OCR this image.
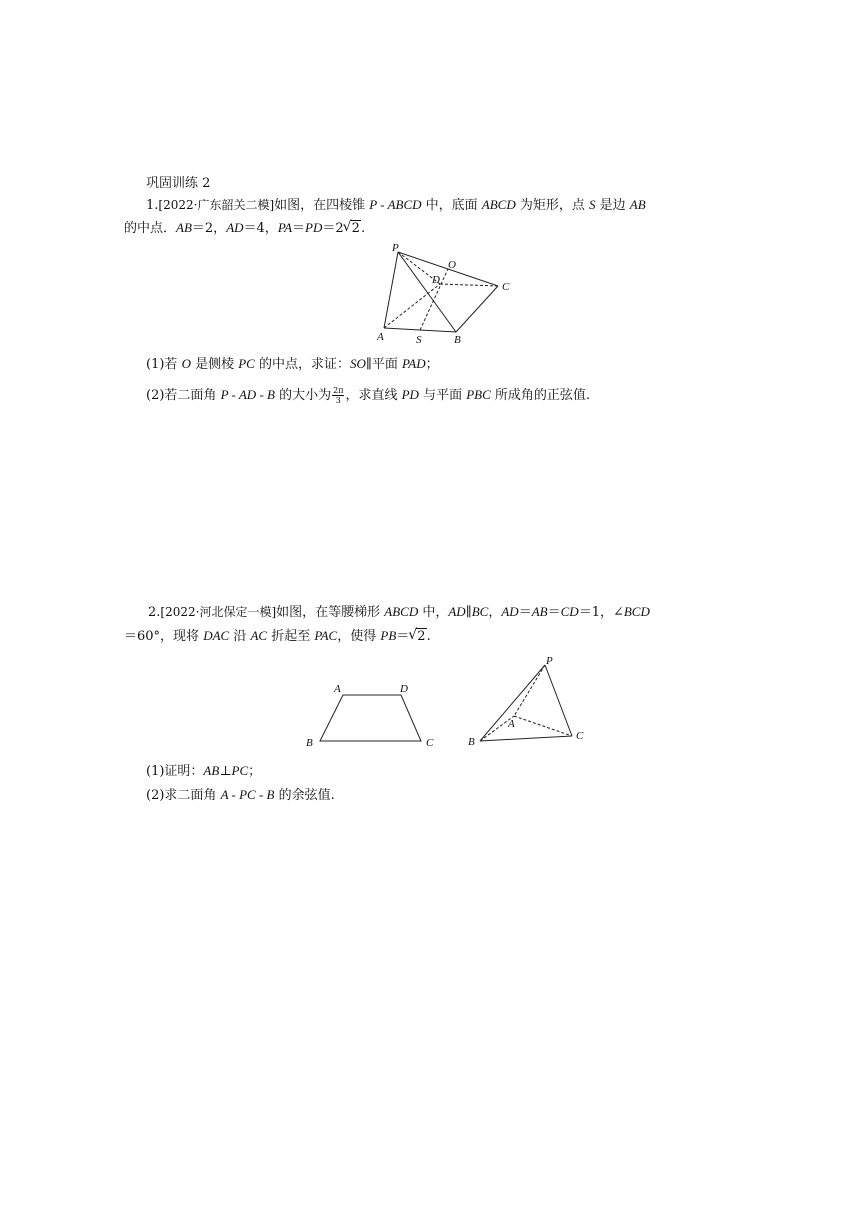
巩固训练 2
1.[2022·广东韶关二模]如图，在四棱锥 P - ABCD 中，底面 ABCD 为矩形，点 S 是边 AB
的中点．AB＝2，AD＝4，PA＝PD＝2 √ 2.
P
O
D
C
A	S	B
(1)若 O 是侧棱 PC 的中点，求证：SO∥平面 PAD；
(2)若二面角 P - AD - B 的大小为 $\frac{2\pi}{3}$ ，求直线 PD 与平面 PBC 所成角的正弦值.
2.[2022·河北保定一模]如图，在等腰梯形 ABCD 中，AD∥BC，AD＝AB＝CD＝1，∠BCD
＝60°，现将 DAC 沿 AC 折起至 PAC，使得 PB＝ √ 2.
A	D
B	C
P
A
B	C
(1)证明：AB⊥PC；
(2)求二面角 A - PC - B 的余弦值.
